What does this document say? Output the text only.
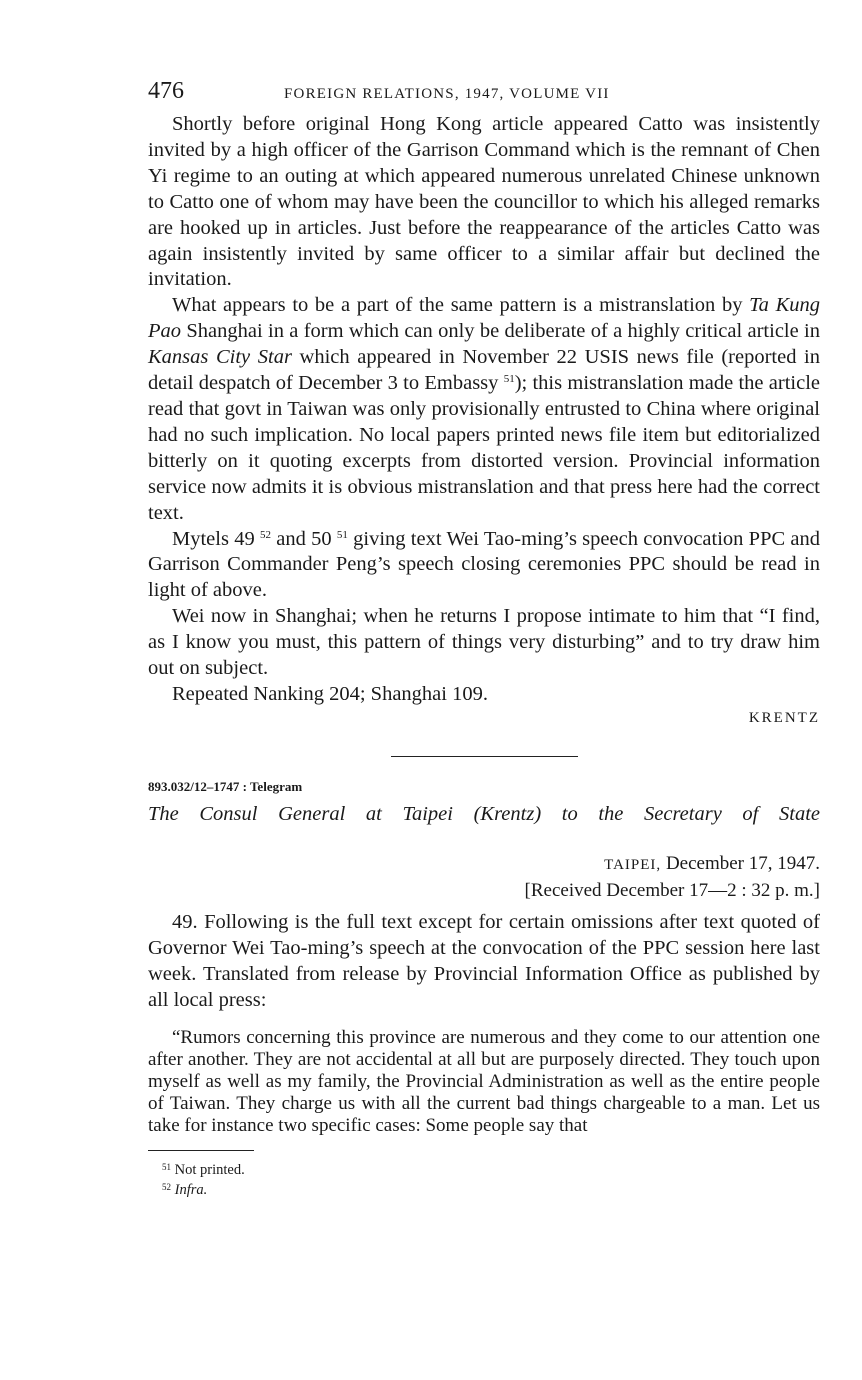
476	FOREIGN RELATIONS, 1947, VOLUME VII

Shortly before original Hong Kong article appeared Catto was insistently invited by a high officer of the Garrison Command which is the remnant of Chen Yi regime to an outing at which appeared numerous unrelated Chinese unknown to Catto one of whom may have been the councillor to which his alleged remarks are hooked up in articles. Just before the reappearance of the articles Catto was again insistently invited by same officer to a similar affair but declined the invitation.

What appears to be a part of the same pattern is a mistranslation by Ta Kung Pao Shanghai in a form which can only be deliberate of a highly critical article in Kansas City Star which appeared in November 22 USIS news file (reported in detail despatch of December 3 to Embassy $^{51}$); this mistranslation made the article read that govt in Taiwan was only provisionally entrusted to China where original had no such implication. No local papers printed news file item but editorialized bitterly on it quoting excerpts from distorted version. Provincial information service now admits it is obvious mistranslation and that press here had the correct text.

Mytels 49 $^{52}$ and 50 $^{51}$ giving text Wei Tao-ming’s speech convocation PPC and Garrison Commander Peng’s speech closing ceremonies PPC should be read in light of above.

Wei now in Shanghai; when he returns I propose intimate to him that “I find, as I know you must, this pattern of things very disturbing” and to try draw him out on subject.

Repeated Nanking 204; Shanghai 109.

KRENTZ
893.032/12–1747 : Telegram
The Consul General at Taipei (Krentz) to the Secretary of State
TAIPEI, December 17, 1947.
[Received December 17—2 : 32 p. m.]

49. Following is the full text except for certain omissions after text quoted of Governor Wei Tao-ming’s speech at the convocation of the PPC session here last week. Translated from release by Provincial Information Office as published by all local press:

“Rumors concerning this province are numerous and they come to our attention one after another. They are not accidental at all but are purposely directed. They touch upon myself as well as my family, the Provincial Administration as well as the entire people of Taiwan. They charge us with all the current bad things chargeable to a man. Let us take for instance two specific cases: Some people say that

$^{51}$ Not printed.
$^{52}$ Infra.
